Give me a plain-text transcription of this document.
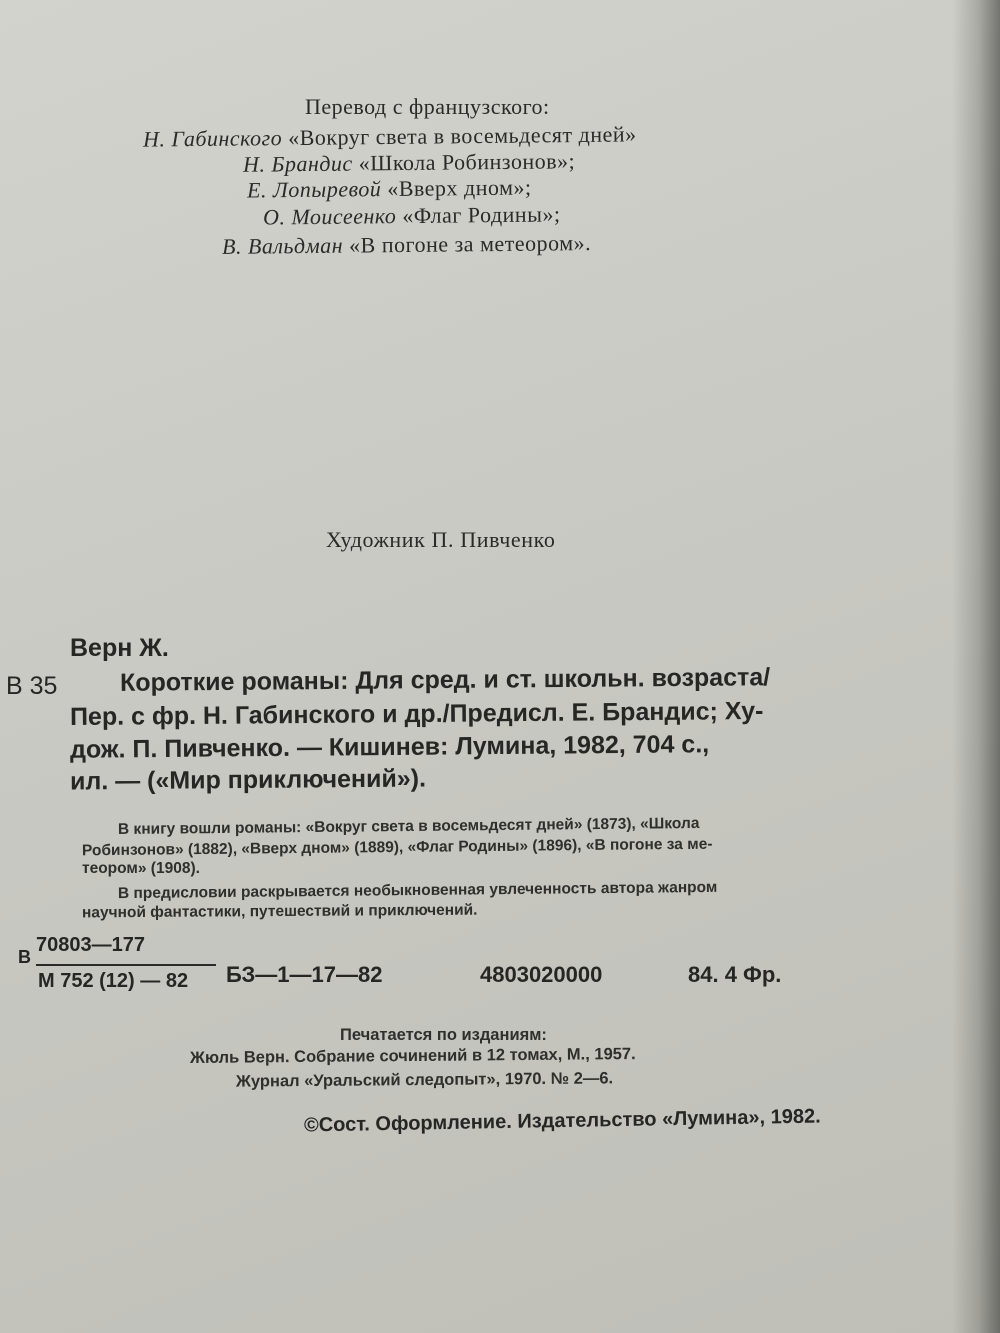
Перевод с французского:
Н. Габинского «Вокруг света в восемьдесят дней»
Н. Брандис «Школа Робинзонов»;
Е. Лопыревой «Вверх дном»;
О. Моисеенко «Флаг Родины»;
В. Вальдман «В погоне за метеором».
Художник П. Пивченко
Верн Ж.
В 35 Короткие романы: Для сред. и ст. школьн. возраста/
Пер. с фр. Н. Габинского и др./Предисл. Е. Брандис; Ху-
дож. П. Пивченко. — Кишинев: Лумина, 1982, 704 с.,
ил. — («Мир приключений»).
В книгу вошли романы: «Вокруг света в восемьдесят дней» (1873), «Школа
Робинзонов» (1882), «Вверх дном» (1889), «Флаг Родины» (1896), «В погоне за ме-
теором» (1908).
В предисловии раскрывается необыкновенная увлеченность автора жанром
научной фантастики, путешествий и приключений.
В
70803—177
М 752 (12) — 82 БЗ—1—17—82	4803020000	84. 4 Фр.
Печатается по изданиям:
Жюль Верн. Собрание сочинений в 12 томах, М., 1957.
Журнал «Уральский следопыт», 1970. № 2—6.
©Сост. Оформление. Издательство «Лумина», 1982.
